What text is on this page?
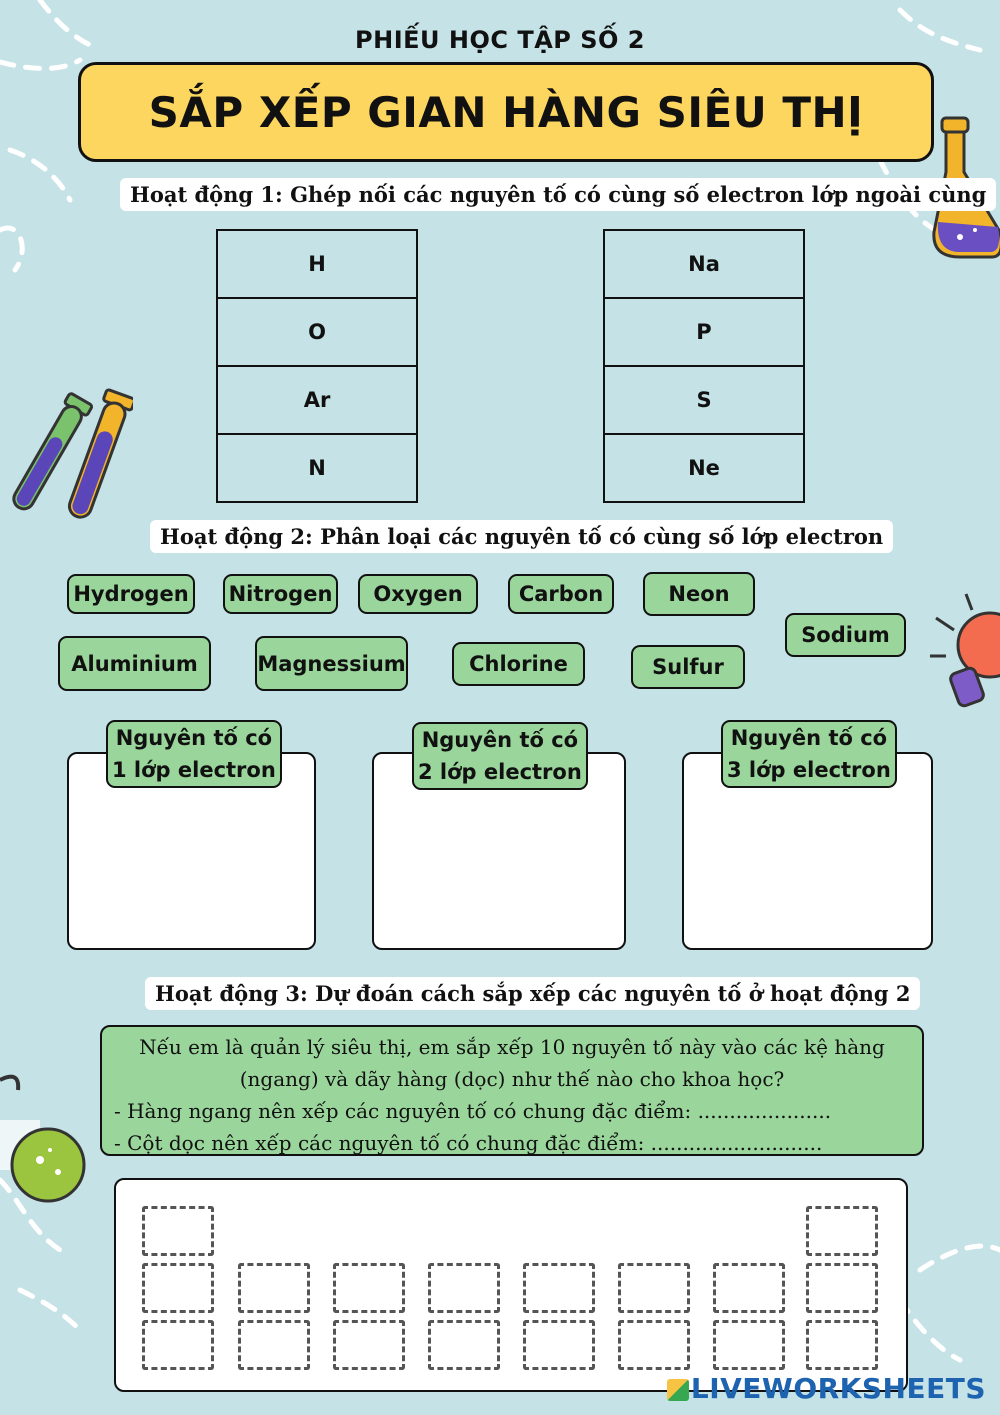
PHIẾU HỌC TẬP SỐ 2
SẮP XẾP GIAN HÀNG SIÊU THỊ
Hoạt động 1: Ghép nối các nguyên tố có cùng số electron lớp ngoài cùng
H
O
Ar
N
Na
P
S
Ne
Hoạt động 2: Phân loại các nguyên tố có cùng số lớp electron
Hydrogen	Nitrogen	Oxygen	Carbon	Neon
Sodium
Aluminium	Magnessium	Chlorine	Sulfur
Nguyên tố có
1 lớp electron
Nguyên tố có
2 lớp electron
Nguyên tố có
3 lớp electron
Hoạt động 3: Dự đoán cách sắp xếp các nguyên tố ở hoạt động 2
Nếu em là quản lý siêu thị, em sắp xếp 10 nguyên tố này vào các kệ hàng
(ngang) và dãy hàng (dọc) như thế nào cho khoa học?
- Hàng ngang nên xếp các nguyên tố có chung đặc điểm: .....................
- Cột dọc nên xếp các nguyên tố có chung đặc điểm: ...........................
LIVEWORKSHEETS
